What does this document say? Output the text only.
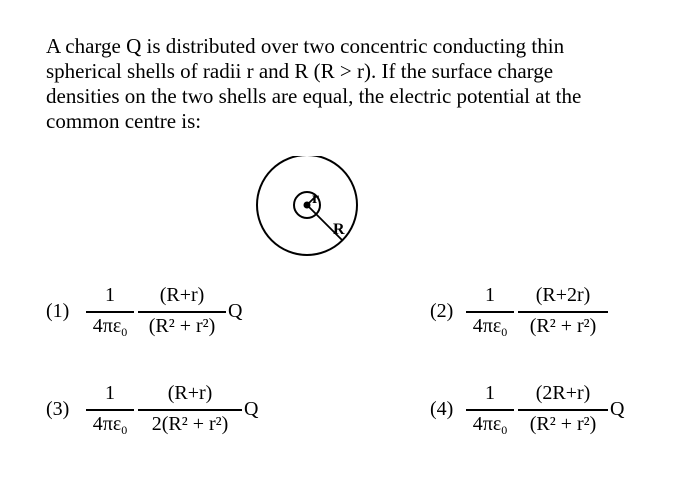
A charge Q is distributed over two concentric conducting thin spherical shells of radii r and R (R > r). If the surface charge densities on the two shells are equal, the electric potential at the common centre is:

r
R
(1)
1
$4\pi\varepsilon_0$
(R+r)
(R² + r²)
Q	(2)
1
$4\pi\varepsilon_0$
(R+2r)
(R² + r²)
(3)
1
$4\pi\varepsilon_0$
(R+r)
2(R² + r²)
Q	(4)
1
$4\pi\varepsilon_0$
(2R+r)
(R² + r²)
Q
